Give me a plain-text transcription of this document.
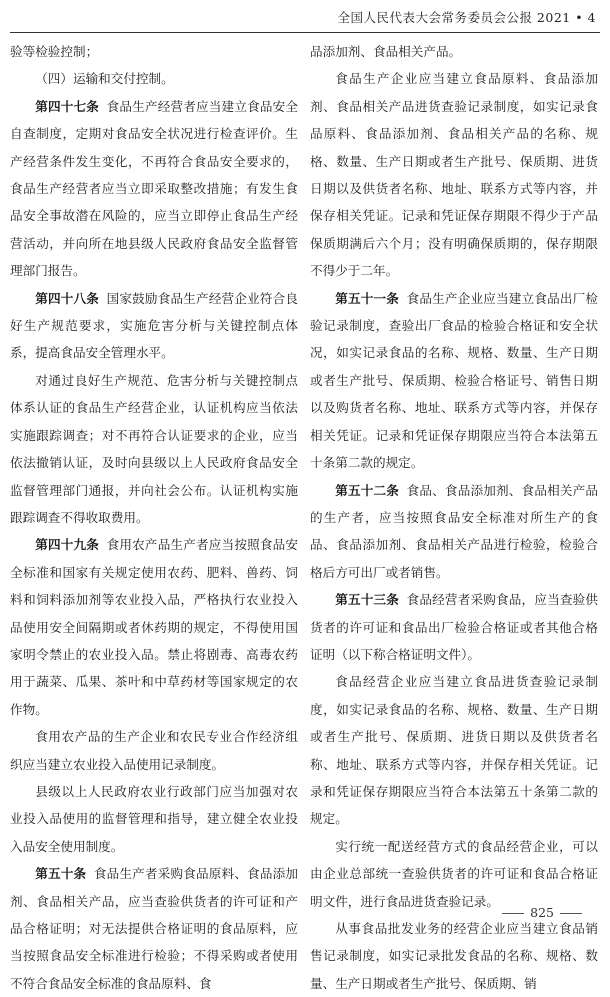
全国人民代表大会常务委员会公报 2021 • 4

验等检验控制；

（四）运输和交付控制。

第四十七条 食品生产经营者应当建立食品安全自查制度，定期对食品安全状况进行检查评价。生产经营条件发生变化，不再符合食品安全要求的，食品生产经营者应当立即采取整改措施；有发生食品安全事故潜在风险的，应当立即停止食品生产经营活动，并向所在地县级人民政府食品安全监督管理部门报告。

第四十八条 国家鼓励食品生产经营企业符合良好生产规范要求，实施危害分析与关键控制点体系，提高食品安全管理水平。

对通过良好生产规范、危害分析与关键控制点体系认证的食品生产经营企业，认证机构应当依法实施跟踪调查；对不再符合认证要求的企业，应当依法撤销认证，及时向县级以上人民政府食品安全监督管理部门通报，并向社会公布。认证机构实施跟踪调查不得收取费用。

第四十九条 食用农产品生产者应当按照食品安全标准和国家有关规定使用农药、肥料、兽药、饲料和饲料添加剂等农业投入品，严格执行农业投入品使用安全间隔期或者休药期的规定，不得使用国家明令禁止的农业投入品。禁止将剧毒、高毒农药用于蔬菜、瓜果、茶叶和中草药材等国家规定的农作物。

食用农产品的生产企业和农民专业合作经济组织应当建立农业投入品使用记录制度。

县级以上人民政府农业行政部门应当加强对农业投入品使用的监督管理和指导，建立健全农业投入品安全使用制度。

第五十条 食品生产者采购食品原料、食品添加剂、食品相关产品，应当查验供货者的许可证和产品合格证明；对无法提供合格证明的食品原料，应当按照食品安全标准进行检验；不得采购或者使用不符合食品安全标准的食品原料、食

品添加剂、食品相关产品。

食品生产企业应当建立食品原料、食品添加剂、食品相关产品进货查验记录制度，如实记录食品原料、食品添加剂、食品相关产品的名称、规格、数量、生产日期或者生产批号、保质期、进货日期以及供货者名称、地址、联系方式等内容，并保存相关凭证。记录和凭证保存期限不得少于产品保质期满后六个月；没有明确保质期的，保存期限不得少于二年。

第五十一条 食品生产企业应当建立食品出厂检验记录制度，查验出厂食品的检验合格证和安全状况，如实记录食品的名称、规格、数量、生产日期或者生产批号、保质期、检验合格证号、销售日期以及购货者名称、地址、联系方式等内容，并保存相关凭证。记录和凭证保存期限应当符合本法第五十条第二款的规定。

第五十二条 食品、食品添加剂、食品相关产品的生产者，应当按照食品安全标准对所生产的食品、食品添加剂、食品相关产品进行检验，检验合格后方可出厂或者销售。

第五十三条 食品经营者采购食品，应当查验供货者的许可证和食品出厂检验合格证或者其他合格证明（以下称合格证明文件）。

食品经营企业应当建立食品进货查验记录制度，如实记录食品的名称、规格、数量、生产日期或者生产批号、保质期、进货日期以及供货者名称、地址、联系方式等内容，并保存相关凭证。记录和凭证保存期限应当符合本法第五十条第二款的规定。

实行统一配送经营方式的食品经营企业，可以由企业总部统一查验供货者的许可证和食品合格证明文件，进行食品进货查验记录。

从事食品批发业务的经营企业应当建立食品销售记录制度，如实记录批发食品的名称、规格、数量、生产日期或者生产批号、保质期、销

825
